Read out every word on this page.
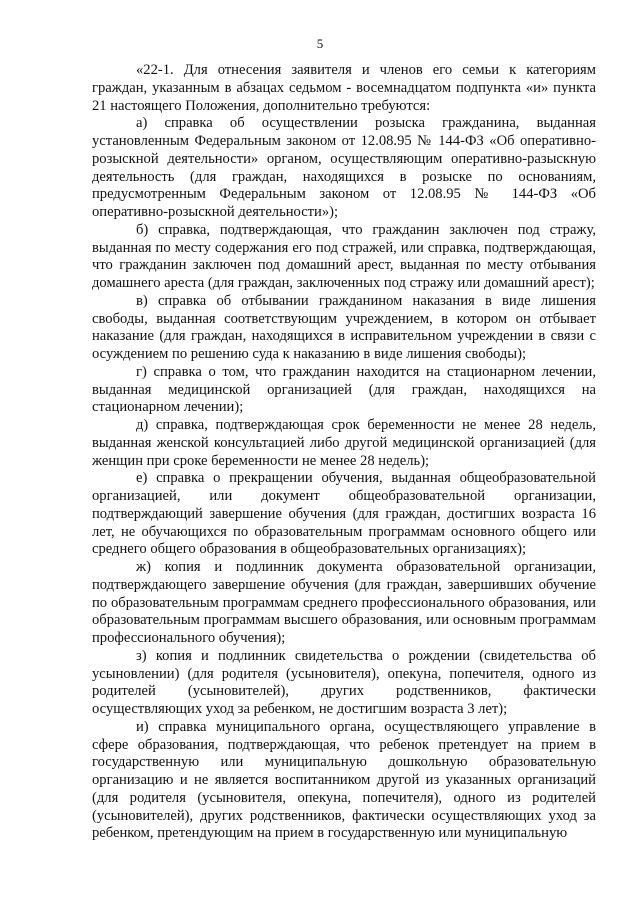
5

«22-1. Для отнесения заявителя и членов его семьи к категориям граждан, указанным в абзацах седьмом - восемнадцатом подпункта «и» пункта 21 настоящего Положения, дополнительно требуются:

а) справка об осуществлении розыска гражданина, выданная установленным Федеральным законом от 12.08.95 № 144-ФЗ «Об оперативно-розыскной деятельности» органом, осуществляющим оперативно-разыскную деятельность (для граждан, находящихся в розыске по основаниям, предусмотренным Федеральным законом от 12.08.95 № 144-ФЗ «Об оперативно-розыскной деятельности»);

б) справка, подтверждающая, что гражданин заключен под стражу, выданная по месту содержания его под стражей, или справка, подтверждающая, что гражданин заключен под домашний арест, выданная по месту отбывания домашнего ареста (для граждан, заключенных под стражу или домашний арест);

в) справка об отбывании гражданином наказания в виде лишения свободы, выданная соответствующим учреждением, в котором он отбывает наказание (для граждан, находящихся в исправительном учреждении в связи с осуждением по решению суда к наказанию в виде лишения свободы);

г) справка о том, что гражданин находится на стационарном лечении, выданная медицинской организацией (для граждан, находящихся на стационарном лечении);

д) справка, подтверждающая срок беременности не менее 28 недель, выданная женской консультацией либо другой медицинской организацией (для женщин при сроке беременности не менее 28 недель);

е) справка о прекращении обучения, выданная общеобразовательной организацией, или документ общеобразовательной организации, подтверждающий завершение обучения (для граждан, достигших возраста 16 лет, не обучающихся по образовательным программам основного общего или среднего общего образования в общеобразовательных организациях);

ж) копия и подлинник документа образовательной организации, подтверждающего завершение обучения (для граждан, завершивших обучение по образовательным программам среднего профессионального образования, или образовательным программам высшего образования, или основным программам профессионального обучения);

з) копия и подлинник свидетельства о рождении (свидетельства об усыновлении) (для родителя (усыновителя), опекуна, попечителя, одного из родителей (усыновителей), других родственников, фактически осуществляющих уход за ребенком, не достигшим возраста 3 лет);

и) справка муниципального органа, осуществляющего управление в сфере образования, подтверждающая, что ребенок претендует на прием в государственную или муниципальную дошкольную образовательную организацию и не является воспитанником другой из указанных организаций (для родителя (усыновителя, опекуна, попечителя), одного из родителей (усыновителей), других родственников, фактически осуществляющих уход за ребенком, претендующим на прием в государственную или муниципальную
